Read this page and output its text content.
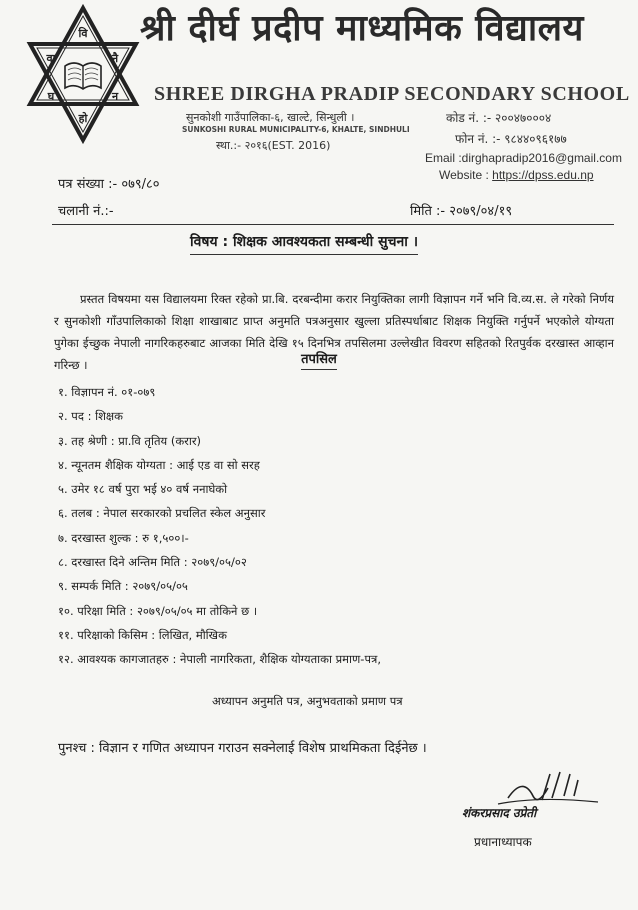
वि
नै
न
हो
घ
वा
श्री दीर्घ प्रदीप माध्यमिक विद्यालय
SHREE DIRGHA PRADIP SECONDARY SCHOOL
सुनकोशी गाउँपालिका-६, खाल्टे, सिन्धुली ।
SUNKOSHI RURAL MUNICIPALITY-6, KHALTE, SINDHULI
स्था.:- २०१६(EST. 2016)
कोड नं. :- २००४७०००४
फोन नं. :- ९८४४०९६१७७
Email :dirghapradip2016@gmail.com
Website : https://dpss.edu.np
पत्र संख्या :- ०७९/८०
चलानी नं.:-	मिति :- २०७९/०४/१९
विषय : शिक्षक आवश्यकता सम्बन्धी सुचना ।
प्रस्तत विषयमा यस विद्यालयमा रिक्त रहेको प्रा.बि. दरबन्दीमा करार नियुक्तिका लागी विज्ञापन गर्ने भनि वि.व्य.स. ले गरेको निर्णय र सुनकोशी गाँउपालिकाको शिक्षा शाखाबाट प्राप्त अनुमति पत्रअनुसार खुल्ला प्रतिस्पर्धाबाट शिक्षक नियुक्ति गर्नुपर्ने भएकोले योग्यता पुगेका ईच्छुक नेपाली नागरिकहरुबाट आजका मिति देखि १५ दिनभित्र तपसिलमा उल्लेखीत विवरण सहितको रितपुर्वक दरखास्त आव्हान गरिन्छ ।	तपसिल
१. विज्ञापन नं. ०१-०७९
२. पद : शिक्षक
३. तह श्रेणी : प्रा.वि तृतिय (करार)
४. न्यूनतम शैक्षिक योग्यता : आई एड वा सो सरह
५. उमेर १८ वर्ष पुरा भई ४० वर्ष ननाघेको
६. तलब : नेपाल सरकारको प्रचलित स्केल अनुसार
७. दरखास्त शुल्क : रु १,५००।-
८. दरखास्त दिने अन्तिम मिति : २०७९/०५/०२
९. सम्पर्क मिति : २०७९/०५/०५
१०. परिक्षा मिति : २०७९/०५/०५ मा तोकिने छ ।
११. परिक्षाको किसिम : लिखित, मौखिक
१२. आवश्यक कागजातहरु : नेपाली नागरिकता, शैक्षिक योग्यताका प्रमाण-पत्र,
अध्यापन अनुमति पत्र, अनुभवताको प्रमाण पत्र
पुनश्च : विज्ञान र गणित अध्यापन गराउन सक्नेलाई विशेष प्राथमिकता दिईनेछ ।
शंकरप्रसाद उप्रेती
प्रधानाध्यापक
